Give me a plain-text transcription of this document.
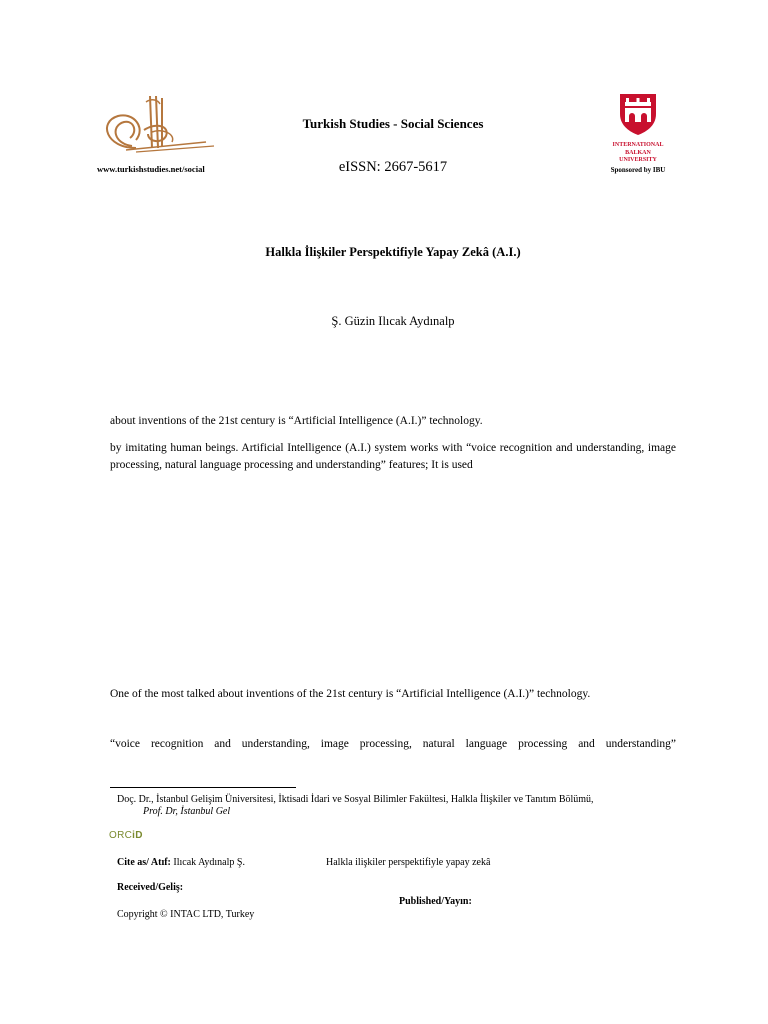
www.turkishstudies.net/social
Turkish Studies - Social Sciences
eISSN: 2667-5617
INTERNATIONAL
BALKAN
UNIVERSITY
Sponsored by IBU
Halkla İlişkiler Perspektifiyle Yapay Zekâ (A.I.)
Ş. Güzin Ilıcak Aydınalp
about inventions of the 21st century is “Artificial Intelligence (A.I.)” technology.
by imitating human beings. Artificial Intelligence (A.I.) system works with “voice recognition and understanding, image processing, natural language processing and understanding” features; It is used
One of the most talked about inventions of the 21st century is “Artificial Intelligence (A.I.)” technology.
“voice recognition and understanding, image processing, natural language processing and understanding”
Doç. Dr., İstanbul Gelişim Üniversitesi, İktisadi İdari ve Sosyal Bilimler Fakültesi, Halkla İlişkiler ve Tanıtım Bölümü,
Prof. Dr, İstanbul Gel
ORCiD
Cite as/ Atıf: Ilıcak Aydınalp Ş.	Halkla ilişkiler perspektifiyle yapay zekâ
Received/Geliş:
Published/Yayın:
Copyright © INTAC LTD, Turkey
